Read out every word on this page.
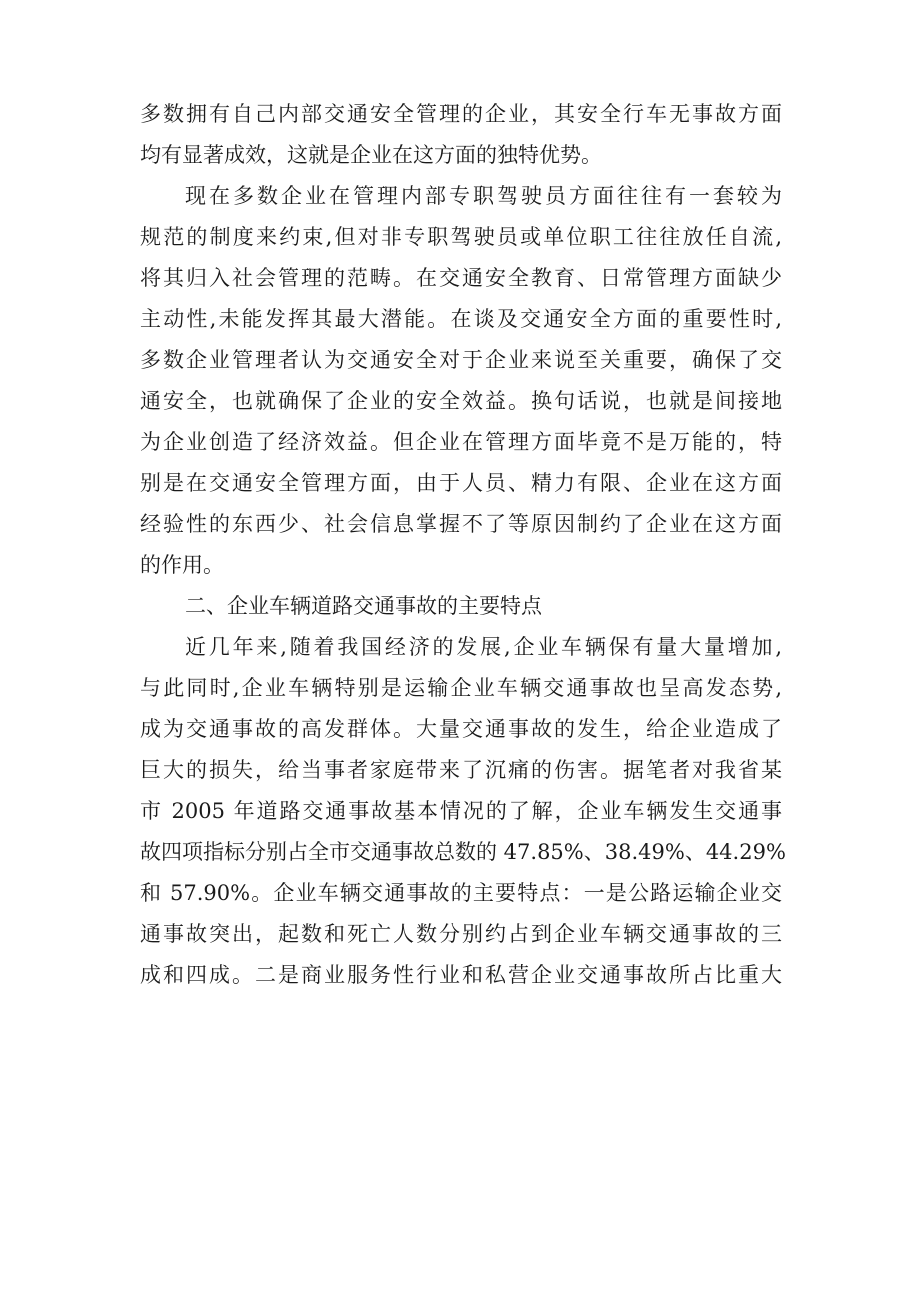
多数拥有自己内部交通安全管理的企业，其安全行车无事故方面
均有显著成效，这就是企业在这方面的独特优势。
现在多数企业在管理内部专职驾驶员方面往往有一套较为
规范的制度来约束,但对非专职驾驶员或单位职工往往放任自流,
将其归入社会管理的范畴。在交通安全教育、日常管理方面缺少
主动性,未能发挥其最大潜能。在谈及交通安全方面的重要性时,
多数企业管理者认为交通安全对于企业来说至关重要，确保了交
通安全，也就确保了企业的安全效益。换句话说，也就是间接地
为企业创造了经济效益。但企业在管理方面毕竟不是万能的，特
别是在交通安全管理方面，由于人员、精力有限、企业在这方面
经验性的东西少、社会信息掌握不了等原因制约了企业在这方面
的作用。
二、企业车辆道路交通事故的主要特点
近几年来,随着我国经济的发展,企业车辆保有量大量增加,
与此同时,企业车辆特别是运输企业车辆交通事故也呈高发态势,
成为交通事故的高发群体。大量交通事故的发生，给企业造成了
巨大的损失，给当事者家庭带来了沉痛的伤害。据笔者对我省某
市 2005 年道路交通事故基本情况的了解，企业车辆发生交通事
故四项指标分别占全市交通事故总数的 47.85%、38.49%、44.29%
和 57.90%。企业车辆交通事故的主要特点：一是公路运输企业交
通事故突出，起数和死亡人数分别约占到企业车辆交通事故的三
成和四成。二是商业服务性行业和私营企业交通事故所占比重大
